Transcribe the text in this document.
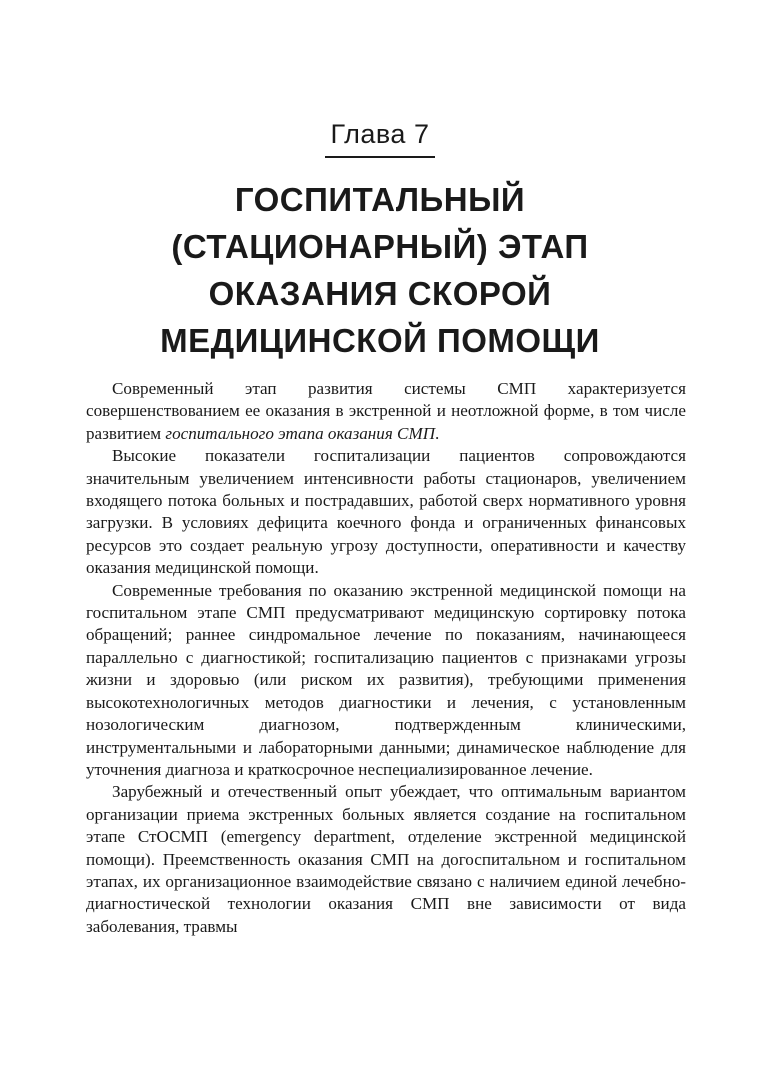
Глава 7
ГОСПИТАЛЬНЫЙ
(СТАЦИОНАРНЫЙ) ЭТАП
ОКАЗАНИЯ СКОРОЙ
МЕДИЦИНСКОЙ ПОМОЩИ

Современный этап развития системы СМП характеризуется совершенствованием ее оказания в экстренной и неотложной форме, в том числе развитием госпитального этапа оказания СМП.

Высокие показатели госпитализации пациентов сопровождаются значительным увеличением интенсивности работы стационаров, увеличением входящего потока больных и пострадавших, работой сверх нормативного уровня загрузки. В условиях дефицита коечного фонда и ограниченных финансовых ресурсов это создает реальную угрозу доступности, оперативности и качеству оказания медицинской помощи.

Современные требования по оказанию экстренной медицинской помощи на госпитальном этапе СМП предусматривают медицинскую сортировку потока обращений; раннее синдромальное лечение по показаниям, начинающееся параллельно с диагностикой; госпитализацию пациентов с признаками угрозы жизни и здоровью (или риском их развития), требующими применения высокотехнологичных методов диагностики и лечения, с установленным нозологическим диагнозом, подтвержденным клиническими, инструментальными и лабораторными данными; динамическое наблюдение для уточнения диагноза и краткосрочное неспециализированное лечение.

Зарубежный и отечественный опыт убеждает, что оптимальным вариантом организации приема экстренных больных является создание на госпитальном этапе СтОСМП (emergency department, отделение экстренной медицинской помощи). Преемственность оказания СМП на догоспитальном и госпитальном этапах, их организационное взаимодействие связано с наличием единой лечебно-диагностической технологии оказания СМП вне зависимости от вида заболевания, травмы
